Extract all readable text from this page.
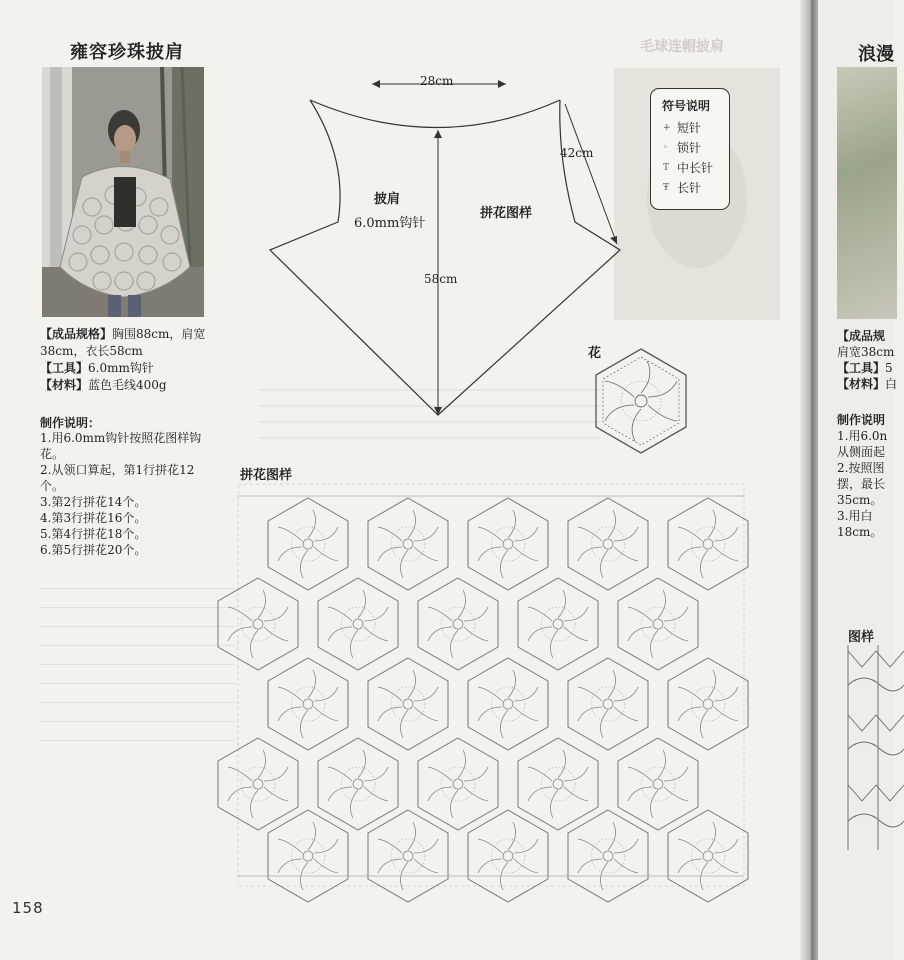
雍容珍珠披肩

【成品规格】胸围88cm，肩宽38cm，衣长58cm

【工具】6.0mm钩针

【材料】蓝色毛线400g

制作说明：
1.用6.0mm钩针按照花图样钩花。
2.从领口算起，第1行拼花12个。
3.第2行拼花14个。
4.第3行拼花16个。
5.第4行拼花18个。
6.第5行拼花20个。
毛球连帽披肩
28cm
42cm
58cm
披肩
6.0mm钩针
拼花图样
符号说明
+ 短针
◦ 锁针
T 中长针
Ŧ 长针
花
拼花图样
158
浪漫

【成品规

肩宽38cm

【工具】5

【材料】白

制作说明

1.用6.0n

从侧面起

2.按照图

摆，最长

35cm。

3.用白

18cm。

图样
